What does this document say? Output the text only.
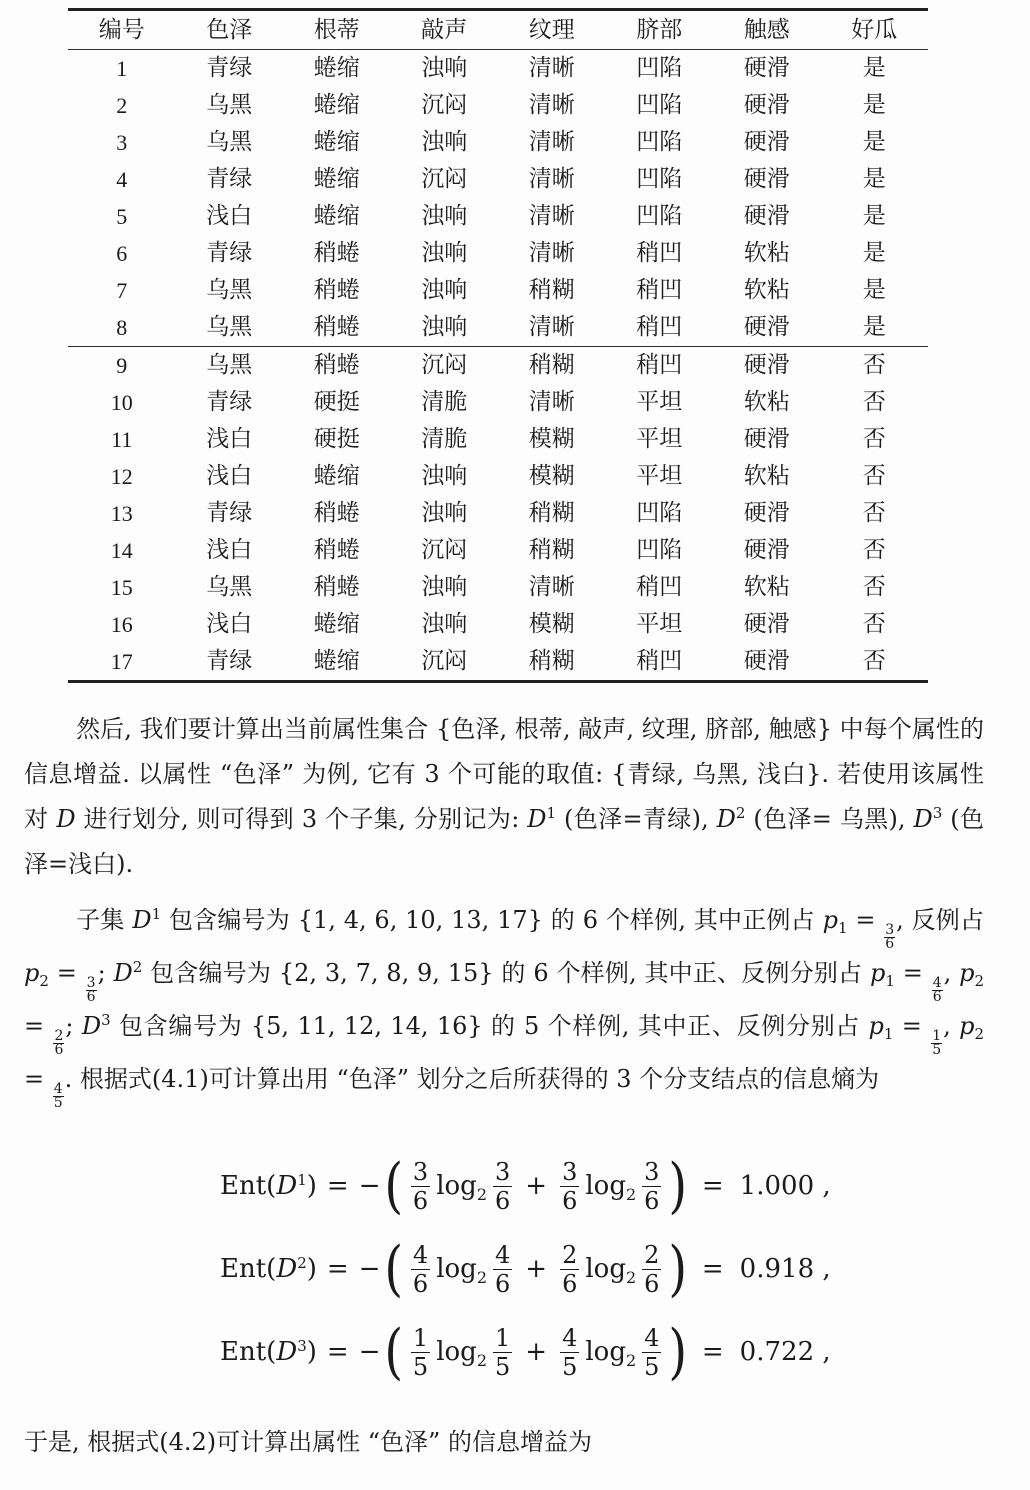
编号	色泽	根蒂	敲声	纹理	脐部	触感	好瓜
1	青绿	蜷缩	浊响	清晰	凹陷	硬滑	是
2	乌黑	蜷缩	沉闷	清晰	凹陷	硬滑	是
3	乌黑	蜷缩	浊响	清晰	凹陷	硬滑	是
4	青绿	蜷缩	沉闷	清晰	凹陷	硬滑	是
5	浅白	蜷缩	浊响	清晰	凹陷	硬滑	是
6	青绿	稍蜷	浊响	清晰	稍凹	软粘	是
7	乌黑	稍蜷	浊响	稍糊	稍凹	软粘	是
8	乌黑	稍蜷	浊响	清晰	稍凹	硬滑	是
9	乌黑	稍蜷	沉闷	稍糊	稍凹	硬滑	否
10	青绿	硬挺	清脆	清晰	平坦	软粘	否
11	浅白	硬挺	清脆	模糊	平坦	硬滑	否
12	浅白	蜷缩	浊响	模糊	平坦	软粘	否
13	青绿	稍蜷	浊响	稍糊	凹陷	硬滑	否
14	浅白	稍蜷	沉闷	稍糊	凹陷	硬滑	否
15	乌黑	稍蜷	浊响	清晰	稍凹	软粘	否
16	浅白	蜷缩	浊响	模糊	平坦	硬滑	否
17	青绿	蜷缩	沉闷	稍糊	稍凹	硬滑	否

然后, 我们要计算出当前属性集合 {色泽, 根蒂, 敲声, 纹理, 脐部, 触感} 中每个属性的信息增益. 以属性 “色泽” 为例, 它有 3 个可能的取值: {青绿, 乌黑, 浅白}. 若使用该属性对 D 进行划分, 则可得到 3 个子集, 分别记为: $D^1$ (色泽=青绿), $D^2$ (色泽= 乌黑), $D^3$ (色泽=浅白).

子集 $D^1$ 包含编号为 {1, 4, 6, 10, 13, 17} 的 6 个样例, 其中正例占 $p_1$ =
$\frac{3}{6}$
, 反例占 $p_2$ =
$\frac{3}{6}$
; $D^2$ 包含编号为 {2, 3, 7, 8, 9, 15} 的 6 个样例, 其中正、反例分别占 $p_1$ =
$\frac{4}{6}$
, $p_2$ =
$\frac{2}{6}$
; $D^3$ 包含编号为 {5, 11, 12, 14, 16} 的 5 个样例, 其中正、反例分别占 $p_1$ =
$\frac{1}{5}$
, $p_2$ =
$\frac{4}{5}$
. 根据式(4.1)可计算出用 “色泽” 划分之后所获得的 3 个分支结点的信息熵为

$Ent(D^1)$ = − ( $\frac{3}{6} \log_2 \frac{3}{6} + \frac{3}{6} \log_2 \frac{3}{6}$ ) = 1.000 ,
$Ent(D^2)$ = − ( $\frac{4}{6} \log_2 \frac{4}{6} + \frac{2}{6} \log_2 \frac{2}{6}$ ) = 0.918 ,
$Ent(D^3)$ = − ( $\frac{1}{5} \log_2 \frac{1}{5} + \frac{4}{5} \log_2 \frac{4}{5}$ ) = 0.722 ,

于是, 根据式(4.2)可计算出属性 “色泽” 的信息增益为
